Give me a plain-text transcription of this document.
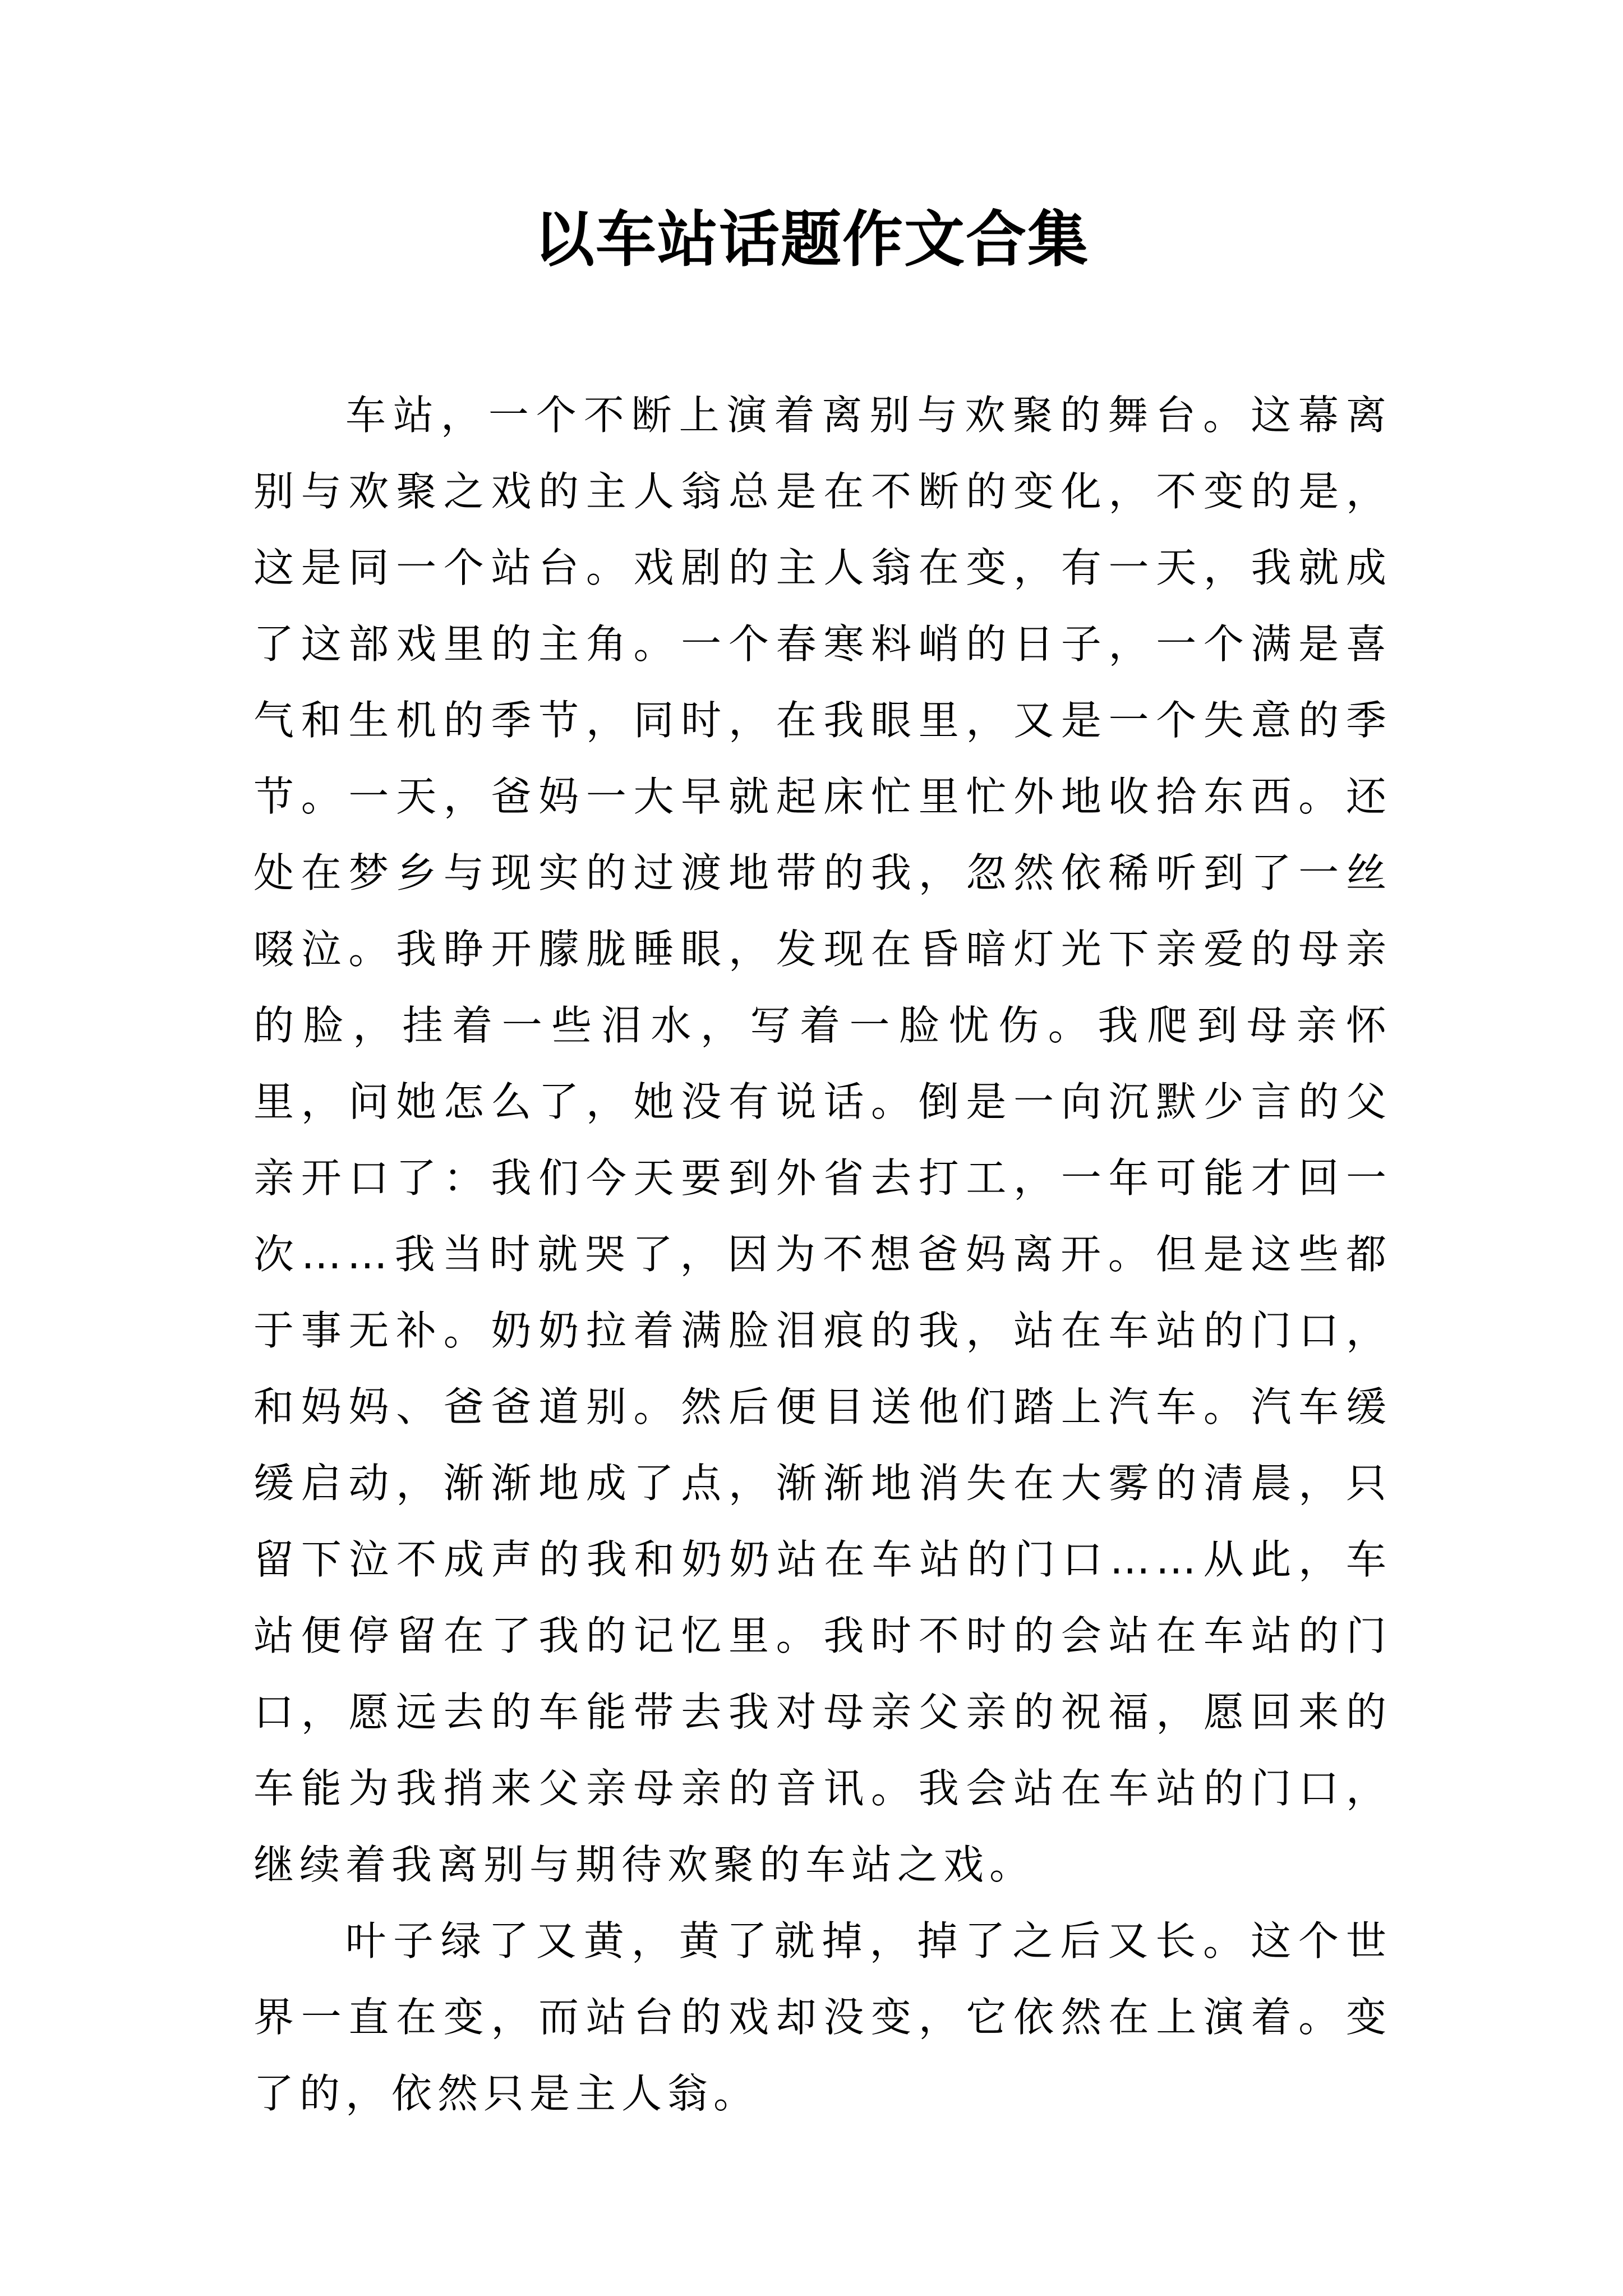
以车站话题作文合集

车站，一个不断上演着离别与欢聚的舞台。这幕离别与欢聚之戏的主人翁总是在不断的变化，不变的是，这是同一个站台。戏剧的主人翁在变，有一天，我就成了这部戏里的主角。一个春寒料峭的日子，一个满是喜气和生机的季节，同时，在我眼里，又是一个失意的季节。一天，爸妈一大早就起床忙里忙外地收拾东西。还处在梦乡与现实的过渡地带的我，忽然依稀听到了一丝啜泣。我睁开朦胧睡眼，发现在昏暗灯光下亲爱的母亲的脸，挂着一些泪水，写着一脸忧伤。我爬到母亲怀里，问她怎么了，她没有说话。倒是一向沉默少言的父亲开口了：我们今天要到外省去打工，一年可能才回一次……我当时就哭了，因为不想爸妈离开。但是这些都于事无补。奶奶拉着满脸泪痕的我，站在车站的门口，和妈妈、爸爸道别。然后便目送他们踏上汽车。汽车缓缓启动，渐渐地成了点，渐渐地消失在大雾的清晨，只留下泣不成声的我和奶奶站在车站的门口……从此，车站便停留在了我的记忆里。我时不时的会站在车站的门口，愿远去的车能带去我对母亲父亲的祝福，愿回来的车能为我捎来父亲母亲的音讯。我会站在车站的门口，继续着我离别与期待欢聚的车站之戏。

叶子绿了又黄，黄了就掉，掉了之后又长。这个世界一直在变，而站台的戏却没变，它依然在上演着。变了的，依然只是主人翁。
